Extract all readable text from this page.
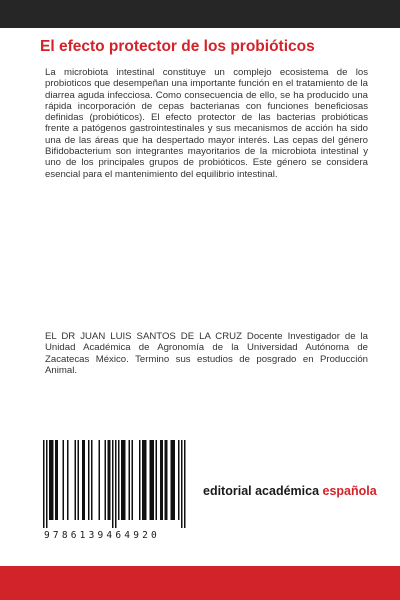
El efecto protector de los probióticos

La microbiota intestinal constituye un complejo ecosistema de los probioticos que desempeñan una importante función en el tratamiento de la diarrea aguda infecciosa. Como consecuencia de ello, se ha producido una rápida incorporación de cepas bacterianas con funciones beneficiosas definidas (probióticos). El efecto protector de las bacterias probióticas frente a patógenos gastrointestinales y sus mecanismos de acción ha sido una de las áreas que ha despertado mayor interés. Las cepas del género Bifidobacterium son integrantes mayoritarios de la microbiota intestinal y uno de los principales grupos de probióticos. Este género se considera esencial para el mantenimiento del equilibrio intestinal.

EL DR JUAN LUIS SANTOS DE LA CRUZ Docente Investigador de la Unidad Académica de Agronomía de la Universidad Autónoma de Zacatecas México. Termino sus estudios de posgrado en Producción Animal.

9786139464920
editorial académica española
